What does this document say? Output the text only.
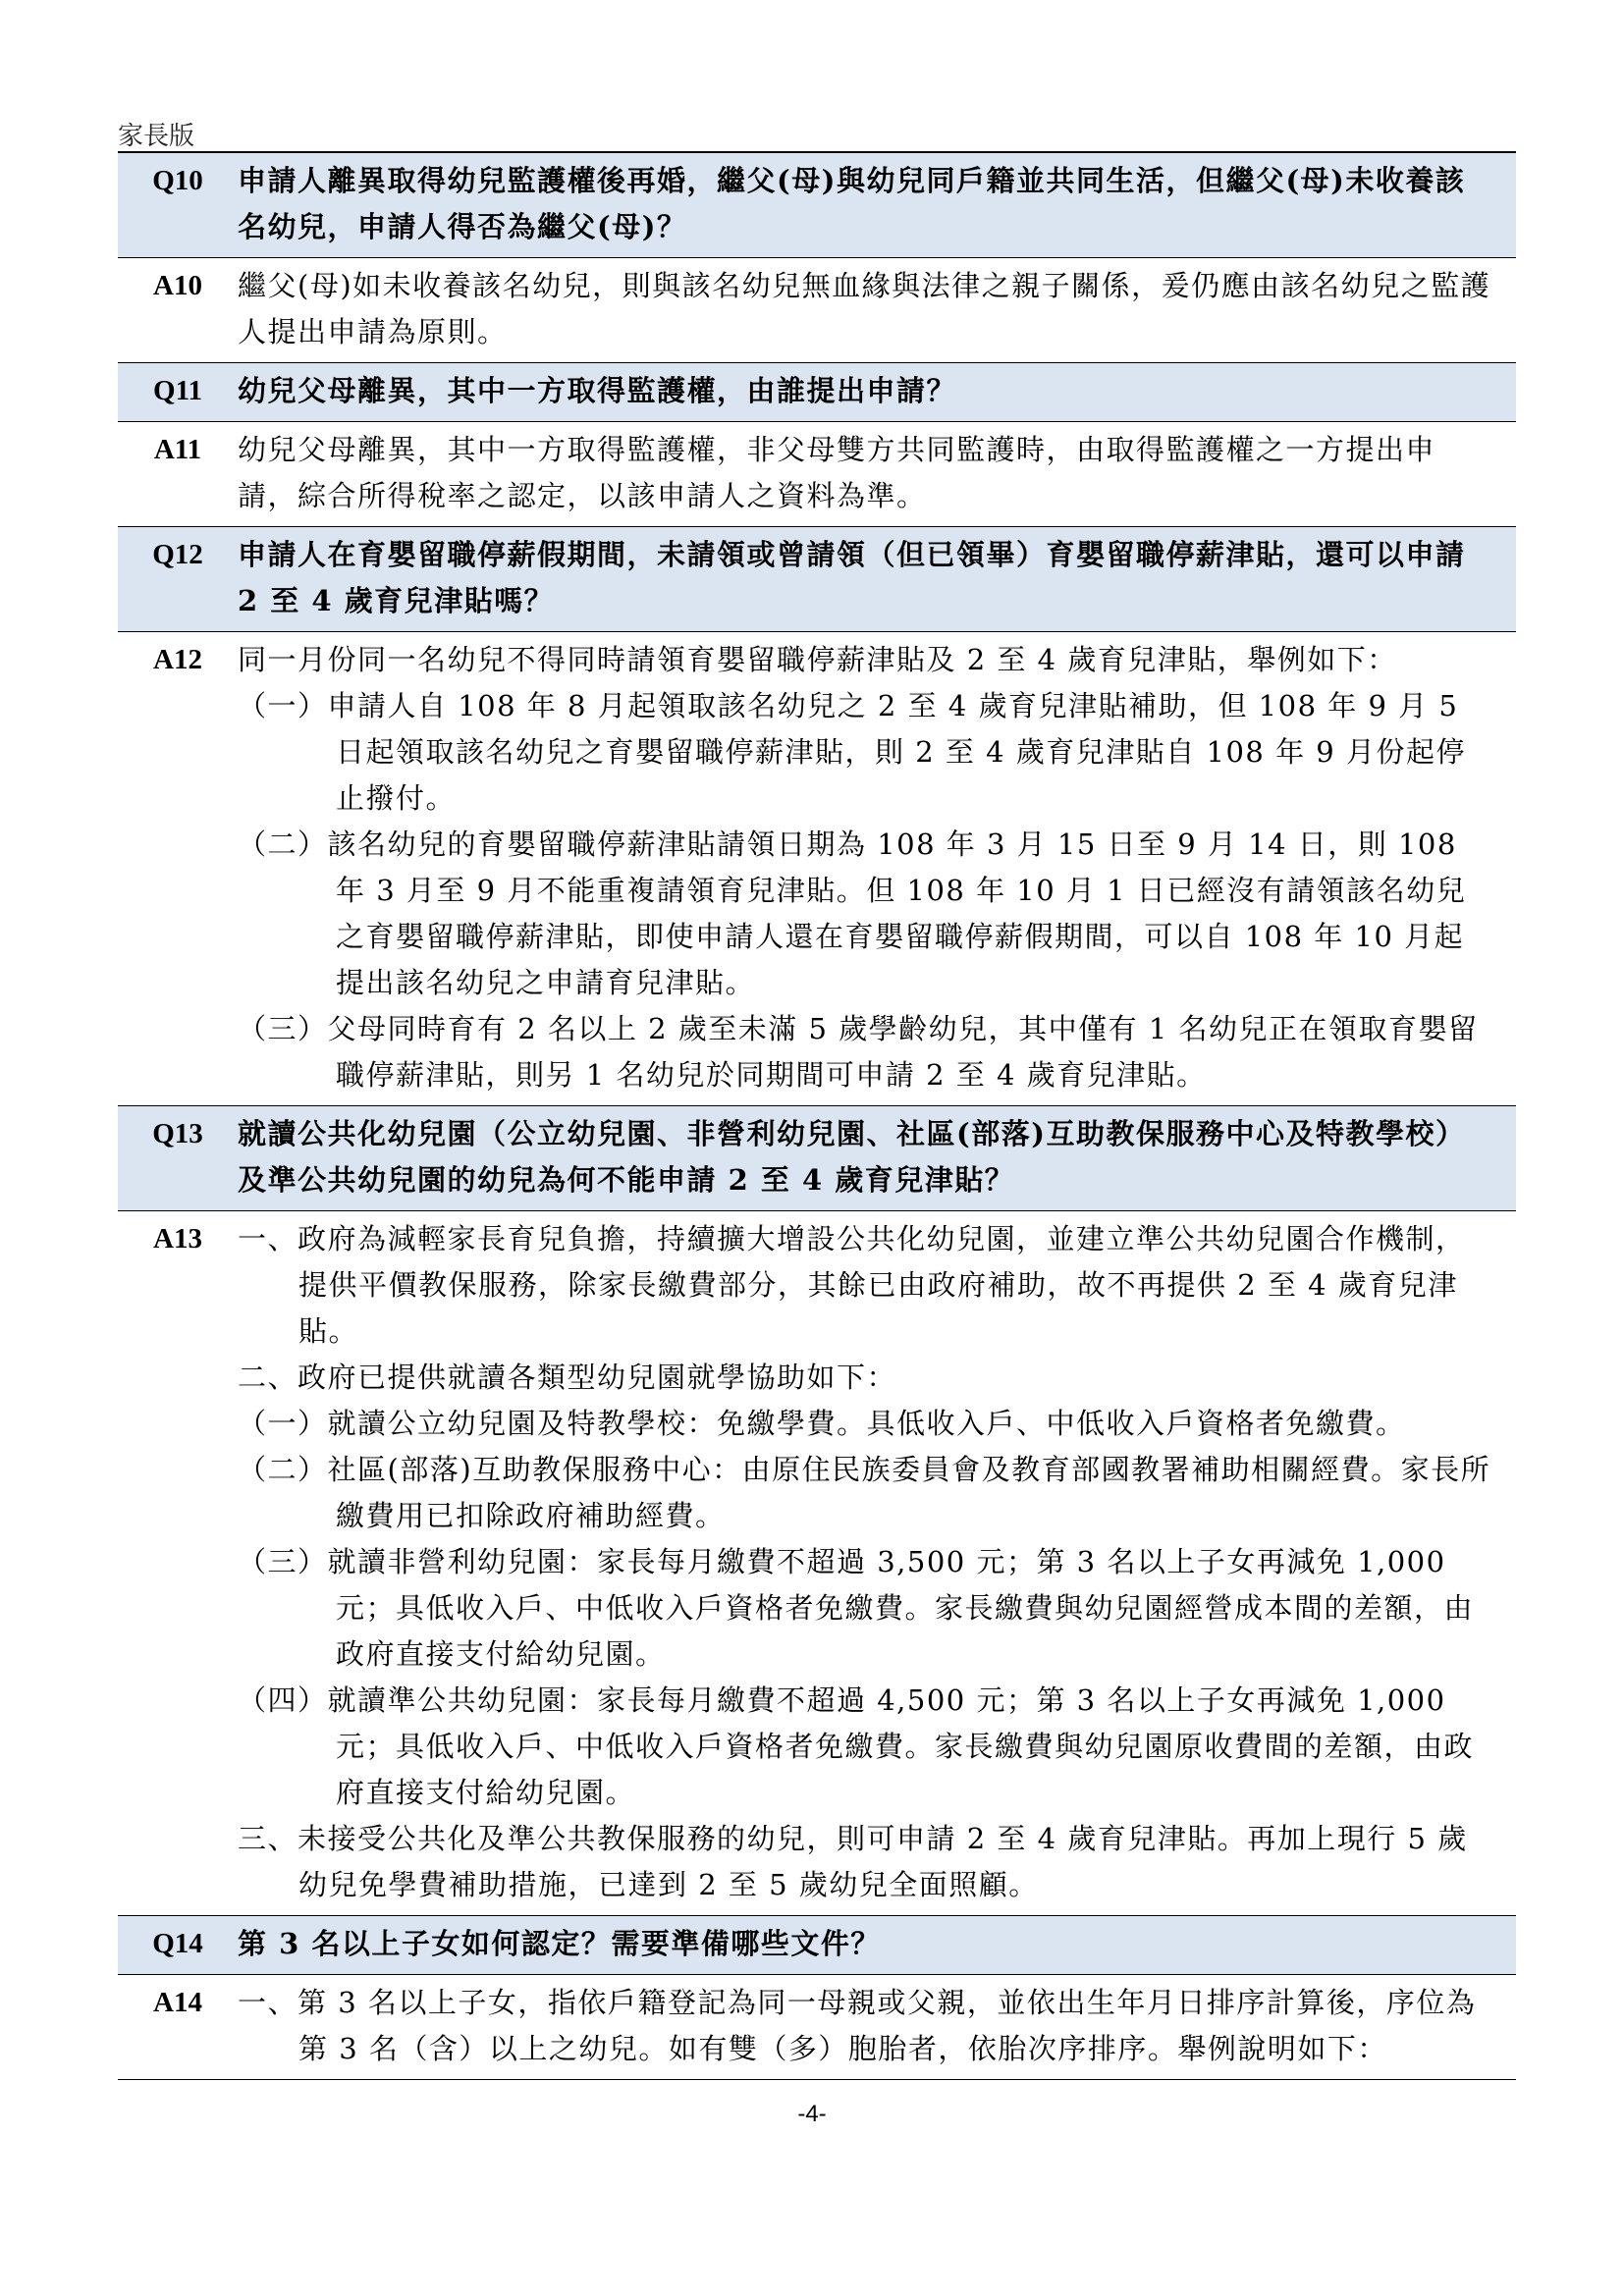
家長版
Q10	申請人離異取得幼兒監護權後再婚，繼父(母)與幼兒同戶籍並共同生活，但繼父(母)未收養該名幼兒，申請人得否為繼父(母)？

A10	繼父(母)如未收養該名幼兒，則與該名幼兒無血緣與法律之親子關係，爰仍應由該名幼兒之監護人提出申請為原則。

Q11	幼兒父母離異，其中一方取得監護權，由誰提出申請？

A11	幼兒父母離異，其中一方取得監護權，非父母雙方共同監護時，由取得監護權之一方提出申請，綜合所得稅率之認定，以該申請人之資料為準。

Q12	申請人在育嬰留職停薪假期間，未請領或曾請領（但已領畢）育嬰留職停薪津貼，還可以申請 2 至 4 歲育兒津貼嗎？

A12	同一月份同一名幼兒不得同時請領育嬰留職停薪津貼及 2 至 4 歲育兒津貼，舉例如下：

（一）申請人自 108 年 8 月起領取該名幼兒之 2 至 4 歲育兒津貼補助，但 108 年 9 月 5 日起領取該名幼兒之育嬰留職停薪津貼，則 2 至 4 歲育兒津貼自 108 年 9 月份起停止撥付。

（二）該名幼兒的育嬰留職停薪津貼請領日期為 108 年 3 月 15 日至 9 月 14 日，則 108 年 3 月至 9 月不能重複請領育兒津貼。但 108 年 10 月 1 日已經沒有請領該名幼兒之育嬰留職停薪津貼，即使申請人還在育嬰留職停薪假期間，可以自 108 年 10 月起提出該名幼兒之申請育兒津貼。

（三）父母同時育有 2 名以上 2 歲至未滿 5 歲學齡幼兒，其中僅有 1 名幼兒正在領取育嬰留職停薪津貼，則另 1 名幼兒於同期間可申請 2 至 4 歲育兒津貼。

Q13	就讀公共化幼兒園（公立幼兒園、非營利幼兒園、社區(部落)互助教保服務中心及特教學校）及準公共幼兒園的幼兒為何不能申請 2 至 4 歲育兒津貼？

A13	一、政府為減輕家長育兒負擔，持續擴大增設公共化幼兒園，並建立準公共幼兒園合作機制，提供平價教保服務，除家長繳費部分，其餘已由政府補助，故不再提供 2 至 4 歲育兒津貼。

二、政府已提供就讀各類型幼兒園就學協助如下：

（一）就讀公立幼兒園及特教學校：免繳學費。具低收入戶、中低收入戶資格者免繳費。

（二）社區(部落)互助教保服務中心：由原住民族委員會及教育部國教署補助相關經費。家長所繳費用已扣除政府補助經費。

（三）就讀非營利幼兒園：家長每月繳費不超過 3,500 元；第 3 名以上子女再減免 1,000 元；具低收入戶、中低收入戶資格者免繳費。家長繳費與幼兒園經營成本間的差額，由政府直接支付給幼兒園。

（四）就讀準公共幼兒園：家長每月繳費不超過 4,500 元；第 3 名以上子女再減免 1,000 元；具低收入戶、中低收入戶資格者免繳費。家長繳費與幼兒園原收費間的差額，由政府直接支付給幼兒園。

三、未接受公共化及準公共教保服務的幼兒，則可申請 2 至 4 歲育兒津貼。再加上現行 5 歲幼兒免學費補助措施，已達到 2 至 5 歲幼兒全面照顧。

Q14	第 3 名以上子女如何認定？需要準備哪些文件？

A14	一、第 3 名以上子女，指依戶籍登記為同一母親或父親，並依出生年月日排序計算後，序位為第 3 名（含）以上之幼兒。如有雙（多）胞胎者，依胎次序排序。舉例說明如下：

-4-
